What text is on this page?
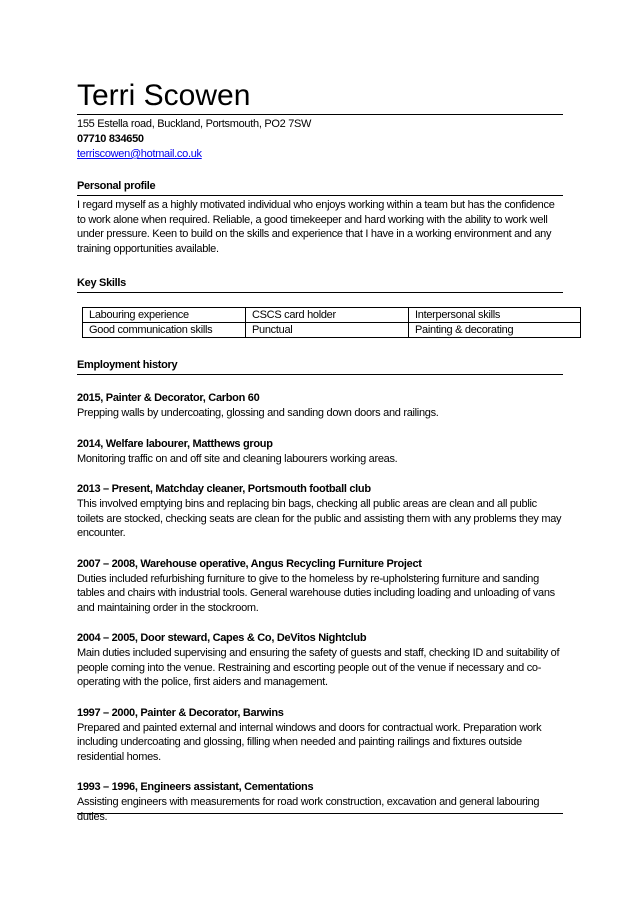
Terri Scowen
155 Estella road, Buckland, Portsmouth, PO2 7SW
07710 834650
terriscowen@hotmail.co.uk
Personal profile
I regard myself as a highly motivated individual who enjoys working within a team but has the confidence to work alone when required. Reliable, a good timekeeper and hard working with the ability to work well under pressure. Keen to build on the skills and experience that I have in a working environment and any training opportunities available.
Key Skills
Labouring experience	CSCS card holder	Interpersonal skills
Good communication skills	Punctual	Painting & decorating
Employment history
2015, Painter & Decorator, Carbon 60
Prepping walls by undercoating, glossing and sanding down doors and railings.
2014, Welfare labourer, Matthews group
Monitoring traffic on and off site and cleaning labourers working areas.
2013 – Present, Matchday cleaner, Portsmouth football club
This involved emptying bins and replacing bin bags, checking all public areas are clean and all public toilets are stocked, checking seats are clean for the public and assisting them with any problems they may encounter.
2007 – 2008, Warehouse operative, Angus Recycling Furniture Project
Duties included refurbishing furniture to give to the homeless by re-upholstering furniture and sanding tables and chairs with industrial tools. General warehouse duties including loading and unloading of vans and maintaining order in the stockroom.
2004 – 2005, Door steward, Capes & Co, DeVitos Nightclub
Main duties included supervising and ensuring the safety of guests and staff, checking ID and suitability of people coming into the venue. Restraining and escorting people out of the venue if necessary and co-operating with the police, first aiders and management.
1997 – 2000, Painter & Decorator, Barwins
Prepared and painted external and internal windows and doors for contractual work. Preparation work including undercoating and glossing, filling when needed and painting railings and fixtures outside residential homes.
1993 – 1996, Engineers assistant, Cementations
Assisting engineers with measurements for road work construction, excavation and general labouring duties.
